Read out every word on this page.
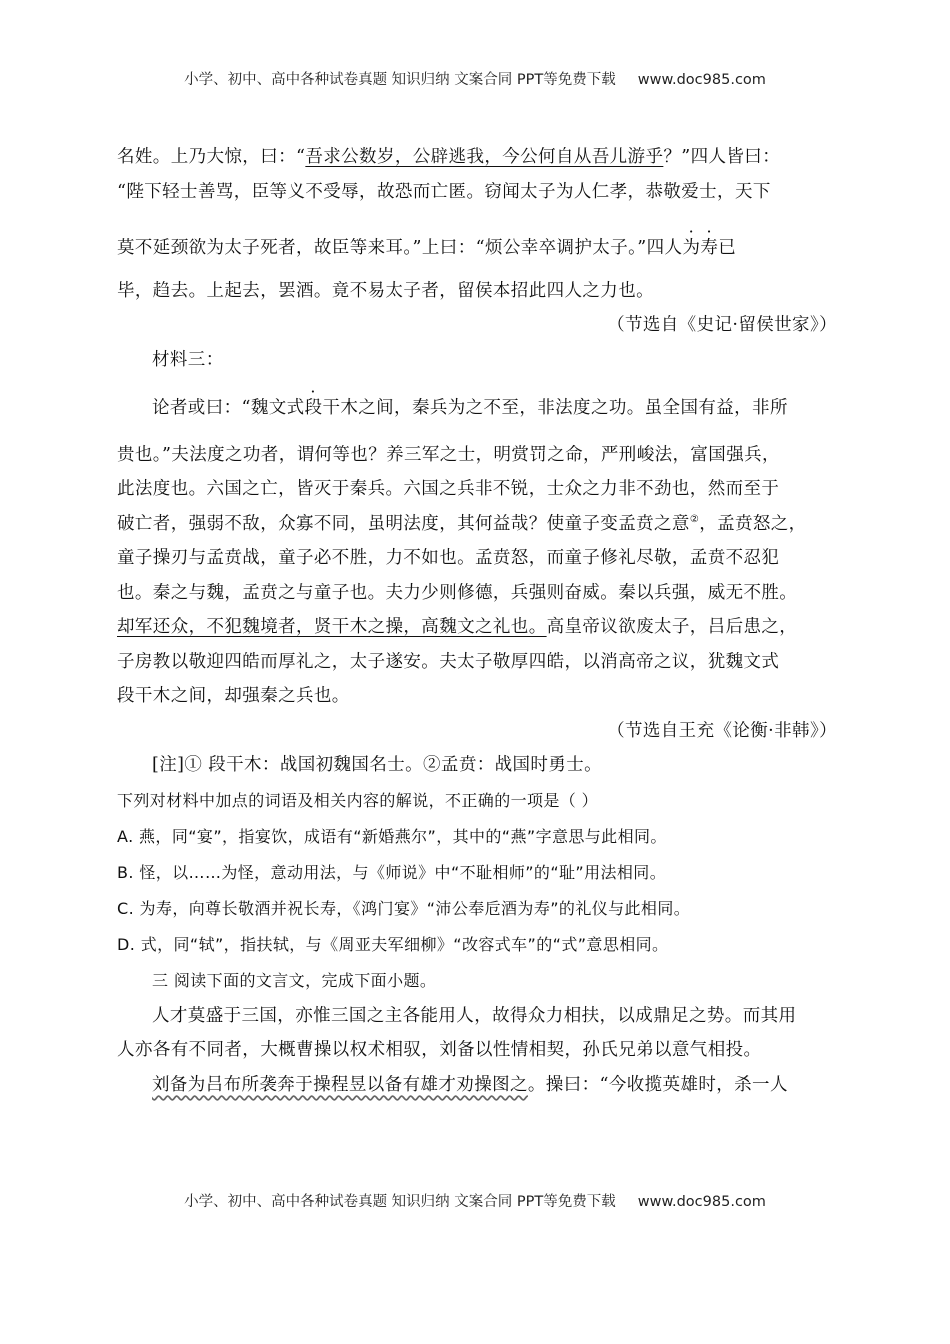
小学、初中、高中各种试卷真题 知识归纳 文案合同 PPT等免费下载 www.doc985.com

名姓。上乃大惊，曰：“吾求公数岁，公辟逃我，今公何自从吾儿游乎？”四人皆曰：

“陛下轻士善骂，臣等义不受辱，故恐而亡匿。窃闻太子为人仁孝，恭敬爱士，天下

莫不延颈欲为太子死者，故臣等来耳。”上曰：“烦公幸卒调护太子。”四人为寿已

毕，趋去。上起去，罢酒。竟不易太子者，留侯本招此四人之力也。

（节选自《史记·留侯世家》）

材料三：

论者或曰：“魏文式段干木之间，秦兵为之不至，非法度之功。虽全国有益，非所

贵也。”夫法度之功者，谓何等也？养三军之士，明赏罚之命，严刑峻法，富国强兵，

此法度也。六国之亡，皆灭于秦兵。六国之兵非不锐，士众之力非不劲也，然而至于

破亡者，强弱不敌，众寡不同，虽明法度，其何益哉？使童子变孟贲之意②，孟贲怒之，

童子操刃与孟贲战，童子必不胜，力不如也。孟贲怒，而童子修礼尽敬，孟贲不忍犯

也。秦之与魏，孟贲之与童子也。夫力少则修德，兵强则奋威。秦以兵强，威无不胜。

却军还众，不犯魏境者，贤干木之操，高魏文之礼也。高皇帝议欲废太子，吕后患之，

子房教以敬迎四皓而厚礼之，太子遂安。夫太子敬厚四皓，以消高帝之议，犹魏文式

段干木之间，却强秦之兵也。

（节选自王充《论衡·非韩》）

[注]① 段干木：战国初魏国名士。②孟贲：战国时勇士。

下列对材料中加点的词语及相关内容的解说，不正确的一项是（ ）

A. 燕，同“宴”，指宴饮，成语有“新婚燕尔”，其中的“燕”字意思与此相同。

B. 怪，以……为怪，意动用法，与《师说》中“不耻相师”的“耻”用法相同。

C. 为寿，向尊长敬酒并祝长寿，《鸿门宴》“沛公奉卮酒为寿”的礼仪与此相同。

D. 式，同“轼”，指扶轼，与《周亚夫军细柳》“改容式车”的“式”意思相同。

三 阅读下面的文言文，完成下面小题。

人才莫盛于三国，亦惟三国之主各能用人，故得众力相扶，以成鼎足之势。而其用

人亦各有不同者，大概曹操以权术相驭，刘备以性情相契，孙氏兄弟以意气相投。

刘备为吕布所袭奔于操程昱以备有雄才劝操图之。操曰：“今收揽英雄时，杀一人

小学、初中、高中各种试卷真题 知识归纳 文案合同 PPT等免费下载 www.doc985.com
